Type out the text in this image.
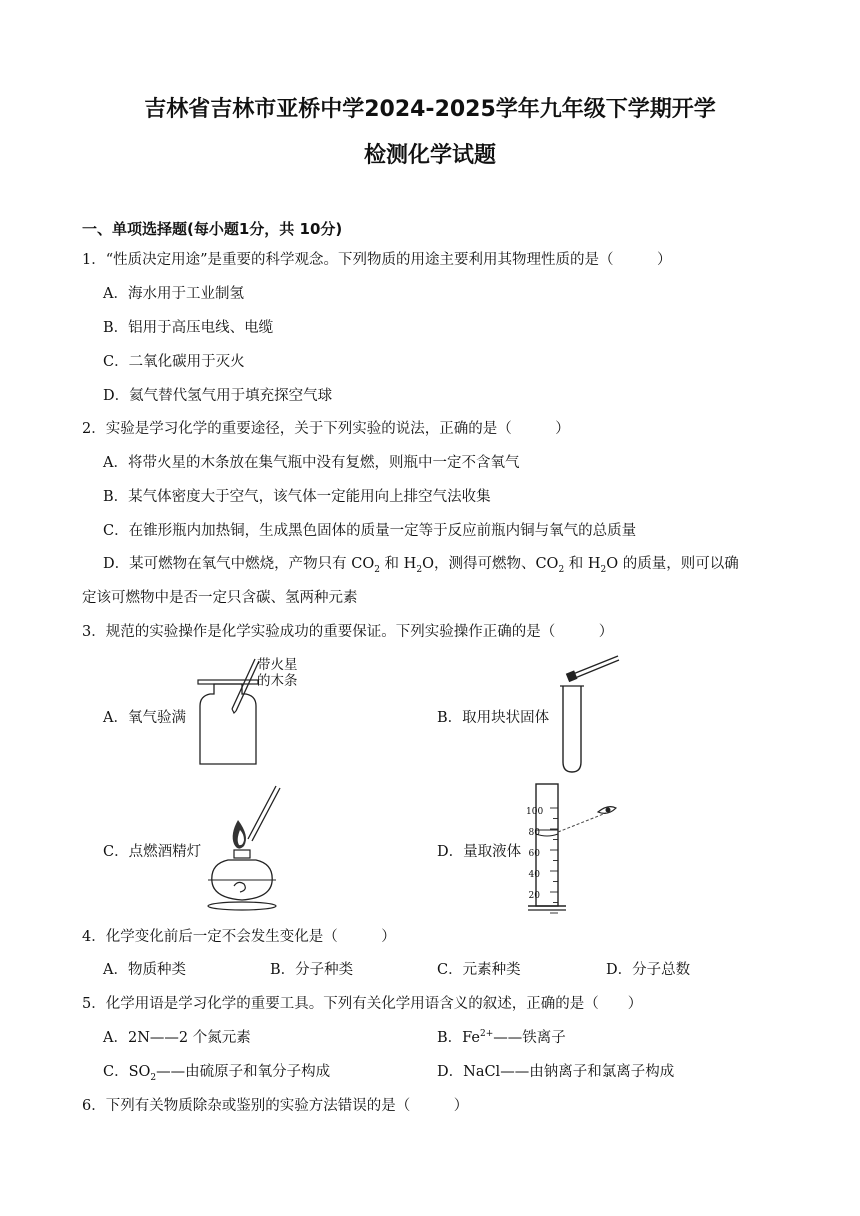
吉林省吉林市亚桥中学2024-2025学年九年级下学期开学
检测化学试题
一、单项选择题(每小题1分，共 10分)
1．“性质决定用途”是重要的科学观念。下列物质的用途主要利用其物理性质的是（　　　）
A．海水用于工业制氢
B．铝用于高压电线、电缆
C．二氧化碳用于灭火
D．氦气替代氢气用于填充探空气球
2．实验是学习化学的重要途径，关于下列实验的说法，正确的是（　　　）
A．将带火星的木条放在集气瓶中没有复燃，则瓶中一定不含氧气
B．某气体密度大于空气，该气体一定能用向上排空气法收集
C．在锥形瓶内加热铜，生成黑色固体的质量一定等于反应前瓶内铜与氧气的总质量
D．某可燃物在氧气中燃烧，产物只有 $CO_2$ 和 $H_2O$，测得可燃物、$CO_2$ 和 $H_2O$ 的质量，则可以确
定该可燃物中是否一定只含碳、氢两种元素
3．规范的实验操作是化学实验成功的重要保证。下列实验操作正确的是（　　　）
A．氧气验满
带火星
的木条
B．取用块状固体
C．点燃酒精灯	D．量取液体
100
80
60
40
20
4．化学变化前后一定不会发生变化是（　　　）
A．物质种类	B．分子种类	C．元素种类	D．分子总数
5．化学用语是学习化学的重要工具。下列有关化学用语含义的叙述，正确的是（　　）
A．2N——2 个氮元素	B．$Fe^{2+}——$铁离子
C．$SO_2——$由硫原子和氧分子构成	D．NaCl——由钠离子和氯离子构成
6．下列有关物质除杂或鉴别的实验方法错误的是（　　　）
